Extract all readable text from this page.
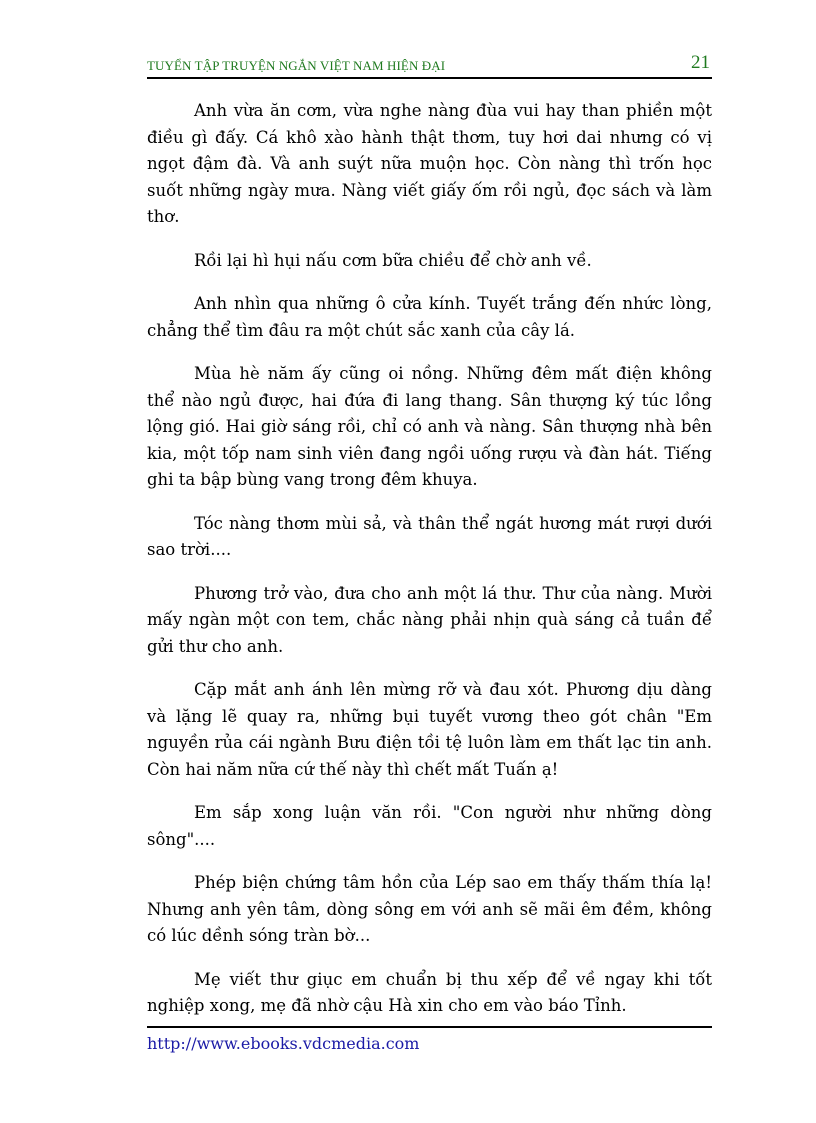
TUYỂN TẬP TRUYỆN NGẮN VIỆT NAM HIỆN ĐẠI	21

Anh vừa ăn cơm, vừa nghe nàng đùa vui hay than phiền một điều gì đấy. Cá khô xào hành thật thơm, tuy hơi dai nhưng có vị ngọt đậm đà. Và anh suýt nữa muộn học. Còn nàng thì trốn học suốt những ngày mưa. Nàng viết giấy ốm rồi ngủ, đọc sách và làm thơ.

Rồi lại hì hụi nấu cơm bữa chiều để chờ anh về.

Anh nhìn qua những ô cửa kính. Tuyết trắng đến nhức lòng, chẳng thể tìm đâu ra một chút sắc xanh của cây lá.

Mùa hè năm ấy cũng oi nồng. Những đêm mất điện không thể nào ngủ được, hai đứa đi lang thang. Sân thượng ký túc lồng lộng gió. Hai giờ sáng rồi, chỉ có anh và nàng. Sân thượng nhà bên kia, một tốp nam sinh viên đang ngồi uống rượu và đàn hát. Tiếng ghi ta bập bùng vang trong đêm khuya.

Tóc nàng thơm mùi sả, và thân thể ngát hương mát rượi dưới sao trời....

Phương trở vào, đưa cho anh một lá thư. Thư của nàng. Mười mấy ngàn một con tem, chắc nàng phải nhịn quà sáng cả tuần để gửi thư cho anh.

Cặp mắt anh ánh lên mừng rỡ và đau xót. Phương dịu dàng và lặng lẽ quay ra, những bụi tuyết vương theo gót chân "Em nguyền rủa cái ngành Bưu điện tồi tệ luôn làm em thất lạc tin anh. Còn hai năm nữa cứ thế này thì chết mất Tuấn ạ!

Em sắp xong luận văn rồi. "Con người như những dòng sông"....

Phép biện chứng tâm hồn của Lép sao em thấy thấm thía lạ! Nhưng anh yên tâm, dòng sông em với anh sẽ mãi êm đềm, không có lúc dềnh sóng tràn bờ...

Mẹ viết thư giục em chuẩn bị thu xếp để về ngay khi tốt nghiệp xong, mẹ đã nhờ cậu Hà xin cho em vào báo Tỉnh.

http://www.ebooks.vdcmedia.com
